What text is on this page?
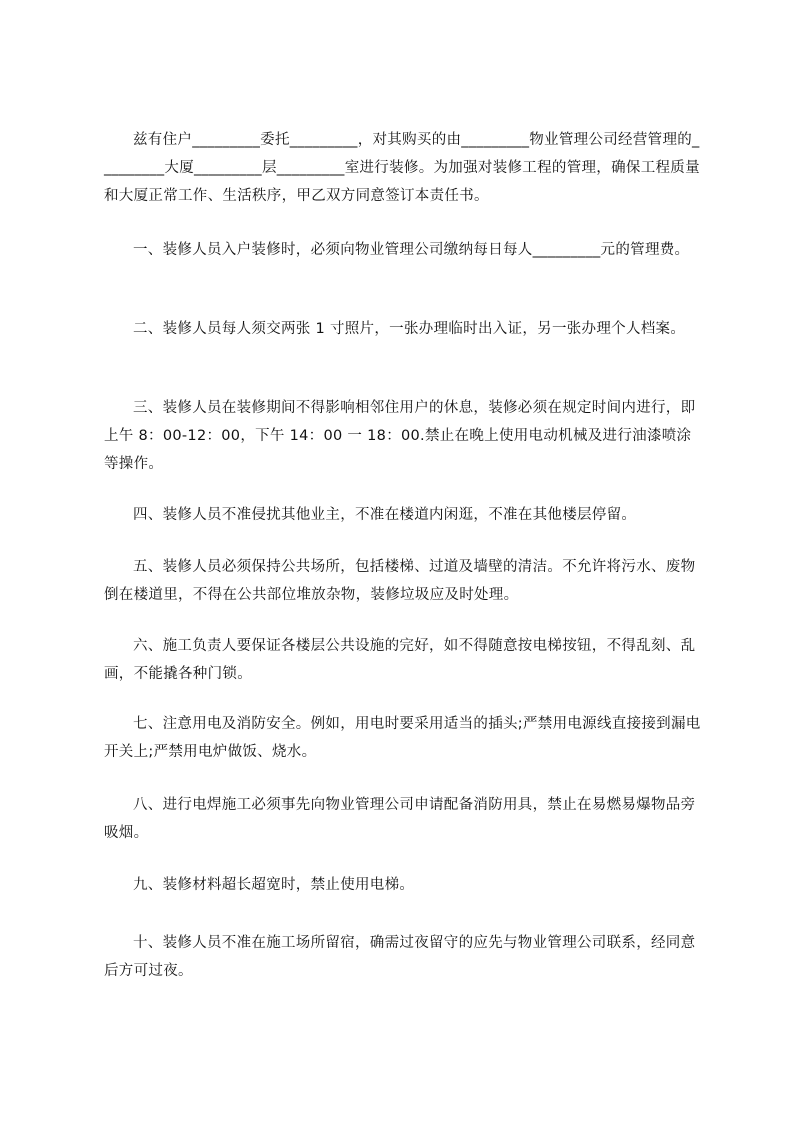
兹有住户_________委托_________，对其购买的由_________物业管理公司经营管理的_________大厦_________层_________室进行装修。为加强对装修工程的管理，确保工程质量和大厦正常工作、生活秩序，甲乙双方同意签订本责任书。

一、装修人员入户装修时，必须向物业管理公司缴纳每日每人_________元的管理费。

二、装修人员每人须交两张 1 寸照片，一张办理临时出入证，另一张办理个人档案。

三、装修人员在装修期间不得影响相邻住用户的休息，装修必须在规定时间内进行，即上午 8：00-12：00，下午 14：00 一 18：00.禁止在晚上使用电动机械及进行油漆喷涂等操作。

四、装修人员不准侵扰其他业主，不准在楼道内闲逛，不准在其他楼层停留。

五、装修人员必须保持公共场所，包括楼梯、过道及墙壁的清洁。不允许将污水、废物倒在楼道里，不得在公共部位堆放杂物，装修垃圾应及时处理。

六、施工负责人要保证各楼层公共设施的完好，如不得随意按电梯按钮，不得乱刻、乱画，不能撬各种门锁。

七、注意用电及消防安全。例如，用电时要采用适当的插头;严禁用电源线直接接到漏电开关上;严禁用电炉做饭、烧水。

八、进行电焊施工必须事先向物业管理公司申请配备消防用具，禁止在易燃易爆物品旁吸烟。

九、装修材料超长超宽时，禁止使用电梯。

十、装修人员不准在施工场所留宿，确需过夜留守的应先与物业管理公司联系，经同意后方可过夜。
